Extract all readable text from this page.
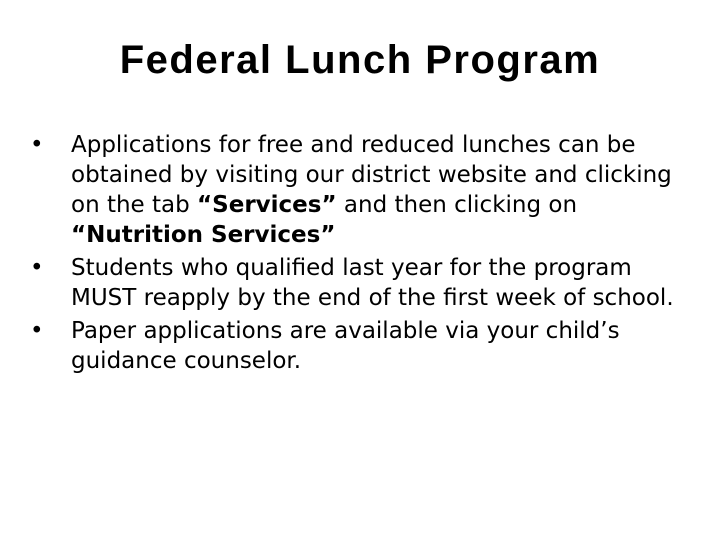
Federal Lunch Program
•	Applications for free and reduced lunches can be obtained by visiting our district website and clicking on the tab “Services” and then clicking on “Nutrition Services”
•	Students who qualified last year for the program MUST reapply by the end of the first week of school.
•	Paper applications are available via your child’s guidance counselor.
